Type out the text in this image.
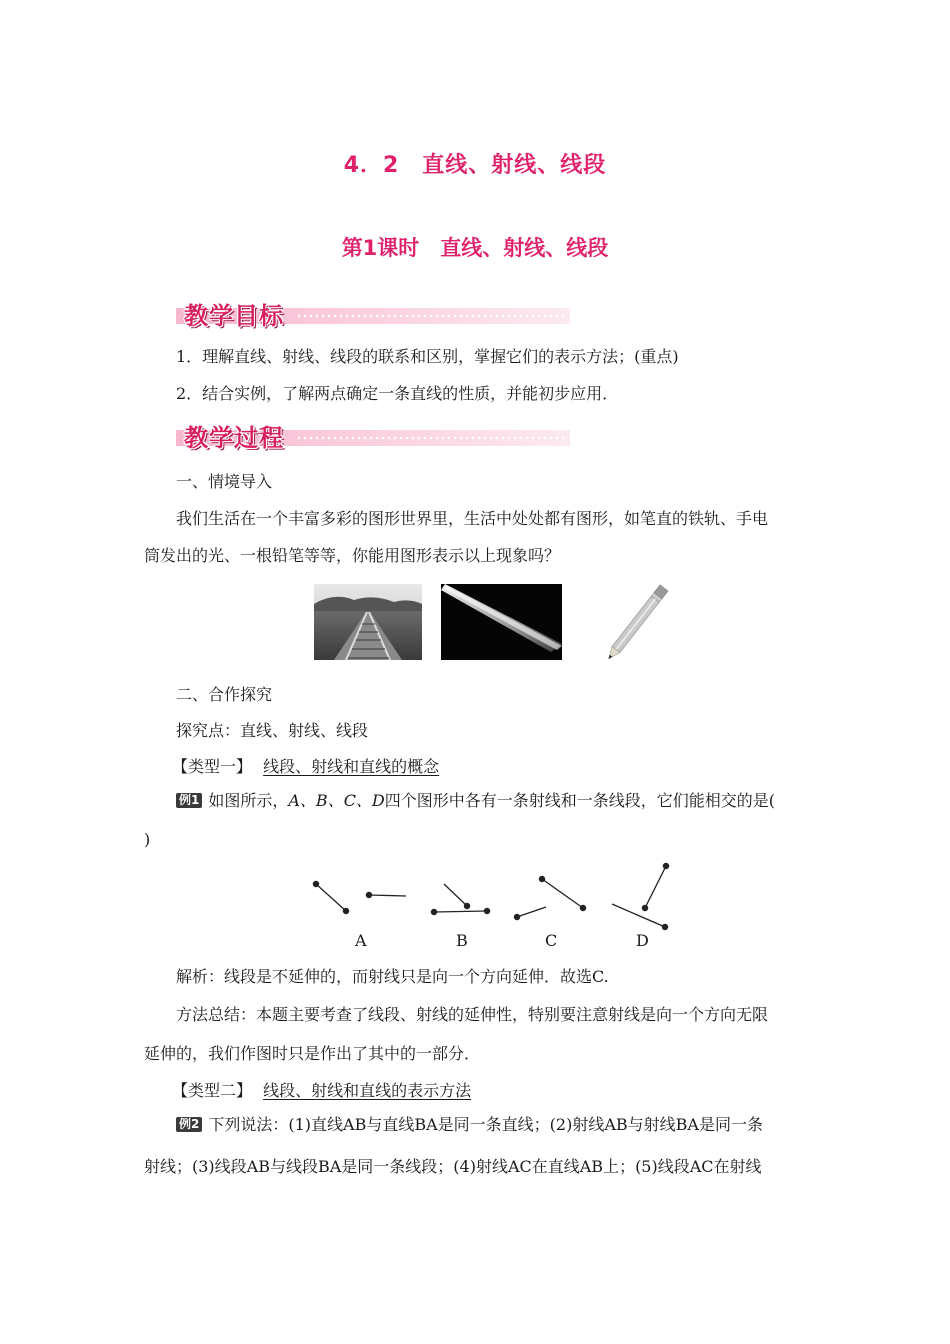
4．2　直线、射线、线段
第1课时　直线、射线、线段
教学目标
1．理解直线、射线、线段的联系和区别，掌握它们的表示方法；(重点)
2．结合实例，了解两点确定一条直线的性质，并能初步应用．
教学过程
一、情境导入
我们生活在一个丰富多彩的图形世界里，生活中处处都有图形，如笔直的铁轨、手电
筒发出的光、一根铅笔等等，你能用图形表示以上现象吗？
二、合作探究
探究点：直线、射线、线段
【类型一】 线段、射线和直线的概念
例1 如图所示，A、B、C、D四个图形中各有一条射线和一条线段，它们能相交的是(
)
A	B	C	D
解析：线段是不延伸的，而射线只是向一个方向延伸．故选C.
方法总结：本题主要考查了线段、射线的延伸性，特别要注意射线是向一个方向无限
延伸的，我们作图时只是作出了其中的一部分．
【类型二】 线段、射线和直线的表示方法
例2 下列说法：(1)直线AB与直线BA是同一条直线；(2)射线AB与射线BA是同一条
射线；(3)线段AB与线段BA是同一条线段；(4)射线AC在直线AB上；(5)线段AC在射线
